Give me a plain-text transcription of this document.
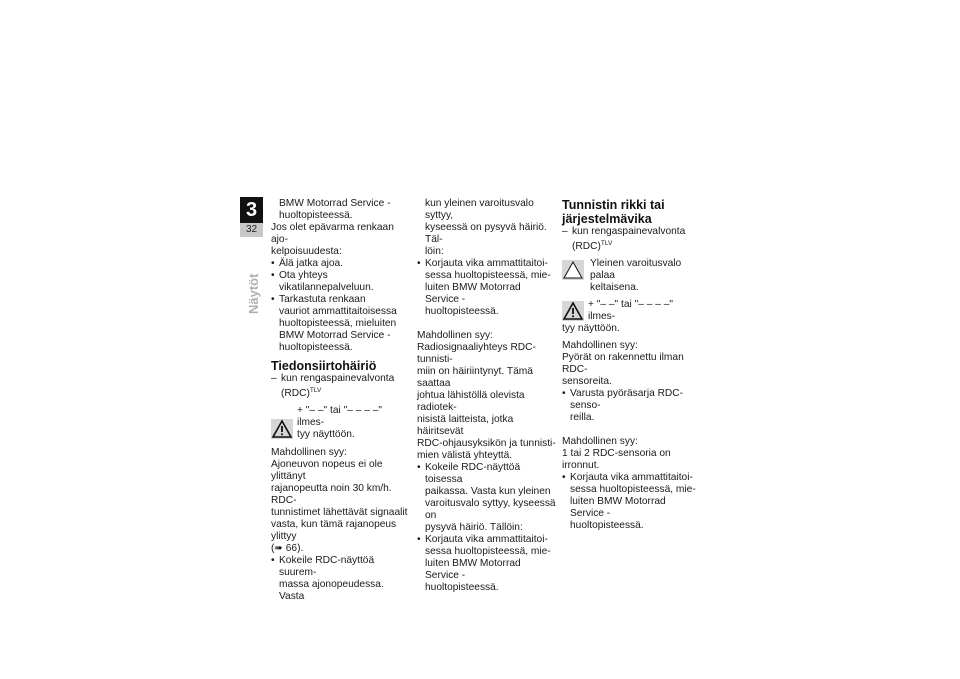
3
32
Näytöt

BMW Motorrad Service -

huoltopisteessä.

Jos olet epävarma renkaan ajo-

kelpoisuudesta:

• Älä jatka ajoa.

• Ota yhteys vikatilannepalveluun.

• Tarkastuta renkaan

vauriot ammattitaitoisessa

huoltopisteessä, mieluiten

BMW Motorrad Service -

huoltopisteessä.

Tiedonsiirtohäiriö

– kun rengaspainevalvonta

(RDC)$^{TLV}$

+ "– –" tai "– – – –" ilmes-

tyy näyttöön.

Mahdollinen syy:

Ajoneuvon nopeus ei ole ylittänyt

rajanopeutta noin 30 km/h. RDC-

tunnistimet lähettävät signaalit

vasta, kun tämä rajanopeus ylittyy

(➠ 66).

• Kokeile RDC-näyttöä suurem-

massa ajonopeudessa. Vasta

kun yleinen varoitusvalo syttyy,

kyseessä on pysyvä häiriö. Täl-

löin:

• Korjauta vika ammattitaitoi-

sessa huoltopisteessä, mie-

luiten BMW Motorrad Service -

huoltopisteessä.

Mahdollinen syy:

Radiosignaaliyhteys RDC-tunnisti-

miin on häiriintynyt. Tämä saattaa

johtua lähistöllä olevista radiotek-

nisistä laitteista, jotka häiritsevät

RDC-ohjausyksikön ja tunnisti-

mien välistä yhteyttä.

• Kokeile RDC-näyttöä toisessa

paikassa. Vasta kun yleinen

varoitusvalo syttyy, kyseessä on

pysyvä häiriö. Tällöin:

• Korjauta vika ammattitaitoi-

sessa huoltopisteessä, mie-

luiten BMW Motorrad Service -

huoltopisteessä.

Tunnistin rikki tai
järjestelmävika

– kun rengaspainevalvonta

(RDC)$^{TLV}$

Yleinen varoitusvalo palaa

keltaisena.

+ "– –" tai "– – – –" ilmes-

tyy näyttöön.

Mahdollinen syy:

Pyörät on rakennettu ilman RDC-

sensoreita.

• Varusta pyöräsarja RDC-senso-

reilla.

Mahdollinen syy:

1 tai 2 RDC-sensoria on irronnut.

• Korjauta vika ammattitaitoi-

sessa huoltopisteessä, mie-

luiten BMW Motorrad Service -

huoltopisteessä.
